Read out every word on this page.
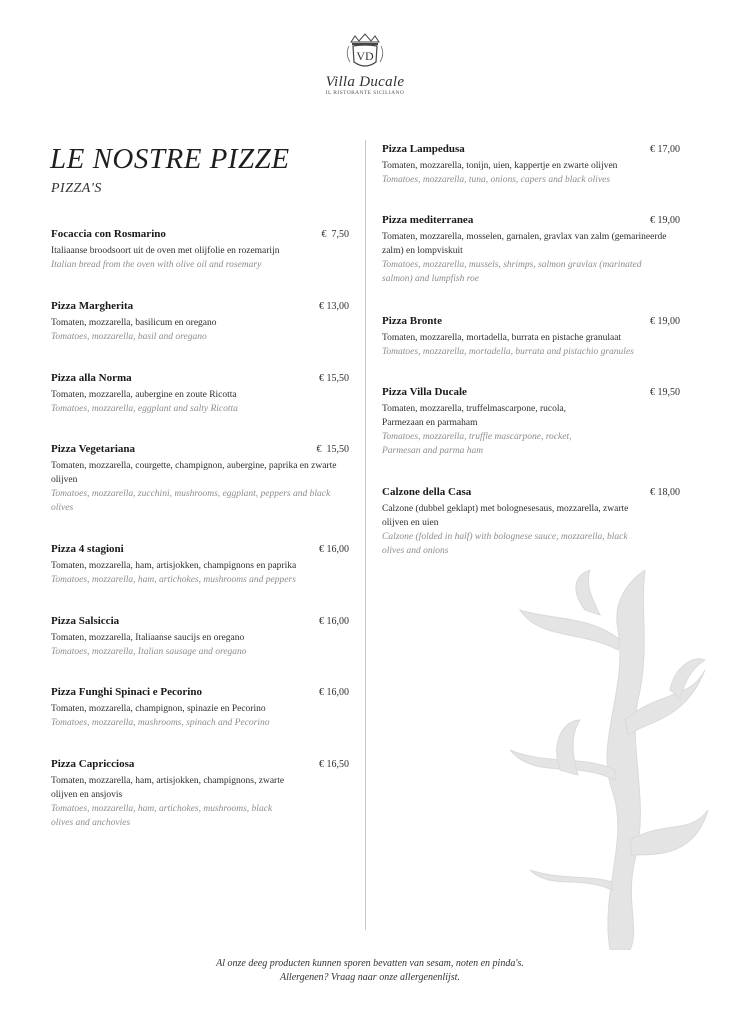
VD
Villa Ducale
IL RISTORANTE SICILIANO
LE NOSTRE PIZZE
PIZZA'S
Focaccia con Rosmarino	€  7,50
Italiaanse broodsoort uit de oven met olijfolie en rozemarijn
Italian bread from the oven with olive oil and rosemary
Pizza Margherita	€ 13,00
Tomaten, mozzarella, basilicum en oregano
Tomatoes, mozzarella, basil and oregano
Pizza alla Norma	€ 15,50
Tomaten, mozzarella, aubergine en zoute Ricotta
Tomatoes, mozzarella, eggplant and salty Ricotta
Pizza Vegetariana	€  15,50
Tomaten, mozzarella, courgette, champignon, aubergine, paprika en zwarte olijven
Tomatoes, mozzarella, zucchini, mushrooms, eggplant, peppers and black olives
Pizza 4 stagioni	€ 16,00
Tomaten, mozzarella, ham, artisjokken, champignons en paprika
Tomatoes, mozzarella, ham, artichokes, mushrooms and peppers
Pizza Salsiccia	€ 16,00
Tomaten, mozzarella, Italiaanse saucijs en oregano
Tomatoes, mozzarella, Italian sausage and oregano
Pizza Funghi Spinaci e Pecorino	€ 16,00
Tomaten, mozzarella, champignon, spinazie en Pecorino
Tomatoes, mozzarella, mushrooms, spinach and Pecorino
Pizza Capricciosa	€ 16,50
Tomaten, mozzarella, ham, artisjokken, champignons, zwarte olijven en ansjovis
Tomatoes, mozzarella, ham, artichokes, mushrooms, black olives and anchovies
Pizza Lampedusa	€ 17,00
Tomaten, mozzarella, tonijn, uien, kappertje en zwarte olijven
Tomatoes, mozzarella, tuna, onions, capers and black olives
Pizza mediterranea	€ 19,00
Tomaten, mozzarella, mosselen, garnalen, gravlax van zalm (gemarineerde zalm) en lompviskuit
Tomatoes, mozzarella, mussels, shrimps, salmon gravlax (marinated salmon) and lumpfish roe
Pizza Bronte	€ 19,00
Tomaten, mozzarella, mortadella, burrata en pistache granulaat
Tomatoes, mozzarella, mortadella, burrata and pistachio granules
Pizza Villa Ducale	€ 19,50
Tomaten, mozzarella, truffelmascarpone, rucola, Parmezaan en parmaham
Tomatoes, mozzarella, truffle mascarpone, rocket, Parmesan and parma ham
Calzone della Casa	€ 18,00
Calzone (dubbel geklapt) met bolognesesaus, mozzarella, zwarte olijven en uien
Calzone (folded in half) with bolognese sauce, mozzarella, black olives and onions
Al onze deeg producten kunnen sporen bevatten van sesam, noten en pinda's.
Allergenen? Vraag naar onze allergenenlijst.
